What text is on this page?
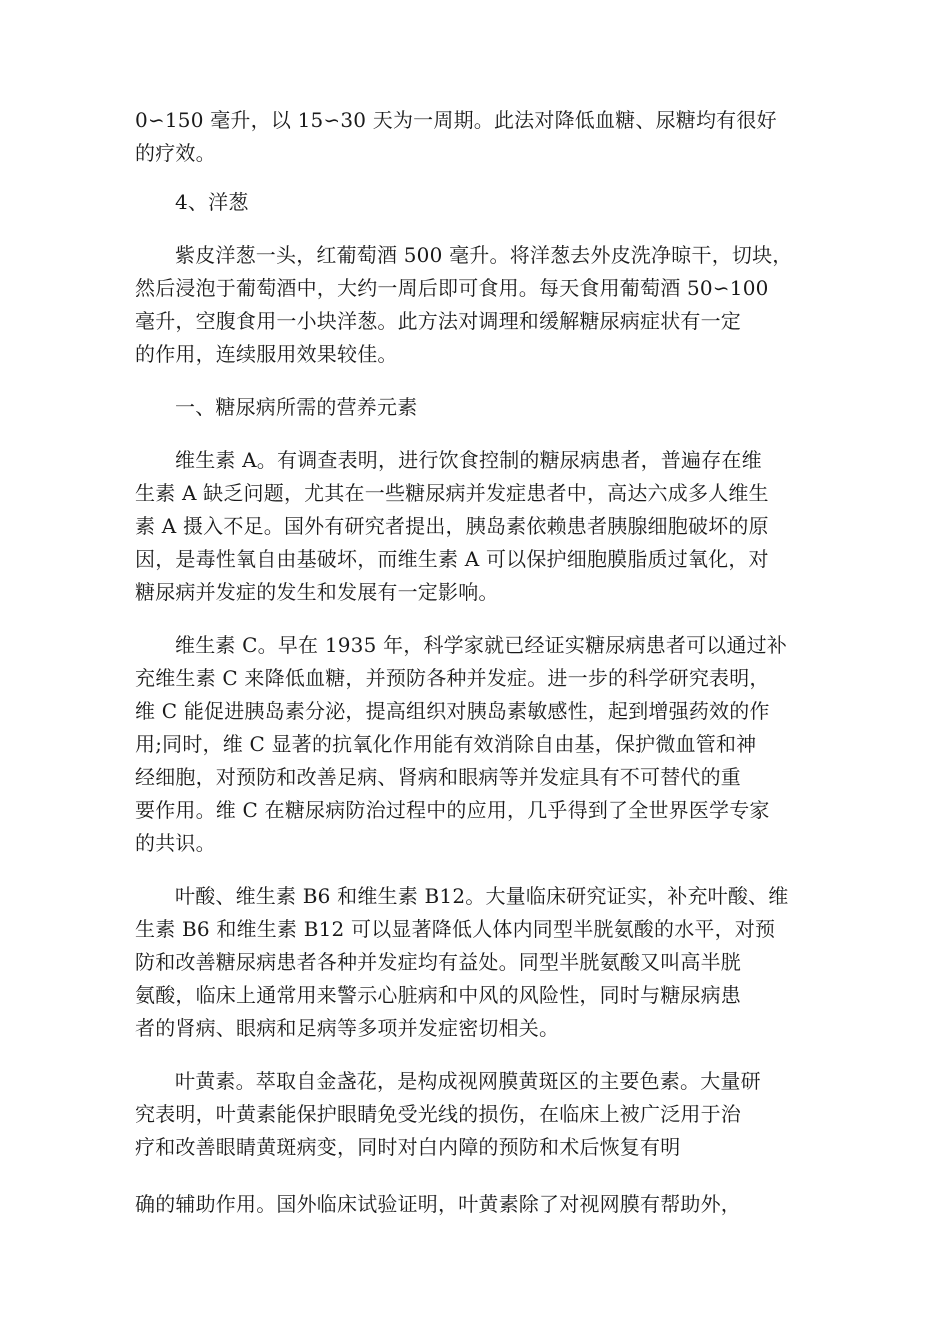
0∽150 毫升，以 15∽30 天为一周期。此法对降低血糖、尿糖均有很好
的疗效。
4、洋葱
紫皮洋葱一头，红葡萄酒 500 毫升。将洋葱去外皮洗净晾干，切块，
然后浸泡于葡萄酒中，大约一周后即可食用。每天食用葡萄酒 50∽100
毫升，空腹食用一小块洋葱。此方法对调理和缓解糖尿病症状有一定
的作用，连续服用效果较佳。
一、糖尿病所需的营养元素
维生素 A。有调查表明，进行饮食控制的糖尿病患者，普遍存在维
生素 A 缺乏问题，尤其在一些糖尿病并发症患者中，高达六成多人维生
素 A 摄入不足。国外有研究者提出，胰岛素依赖患者胰腺细胞破坏的原
因，是毒性氧自由基破坏，而维生素 A 可以保护细胞膜脂质过氧化，对
糖尿病并发症的发生和发展有一定影响。
维生素 C。早在 1935 年，科学家就已经证实糖尿病患者可以通过补
充维生素 C 来降低血糖，并预防各种并发症。进一步的科学研究表明，
维 C 能促进胰岛素分泌，提高组织对胰岛素敏感性，起到增强药效的作
用;同时，维 C 显著的抗氧化作用能有效消除自由基，保护微血管和神
经细胞，对预防和改善足病、肾病和眼病等并发症具有不可替代的重
要作用。维 C 在糖尿病防治过程中的应用，几乎得到了全世界医学专家
的共识。
叶酸、维生素 B6 和维生素 B12。大量临床研究证实，补充叶酸、维
生素 B6 和维生素 B12 可以显著降低人体内同型半胱氨酸的水平，对预
防和改善糖尿病患者各种并发症均有益处。同型半胱氨酸又叫高半胱
氨酸，临床上通常用来警示心脏病和中风的风险性，同时与糖尿病患
者的肾病、眼病和足病等多项并发症密切相关。
叶黄素。萃取自金盏花，是构成视网膜黄斑区的主要色素。大量研
究表明，叶黄素能保护眼睛免受光线的损伤，在临床上被广泛用于治
疗和改善眼睛黄斑病变，同时对白内障的预防和术后恢复有明
确的辅助作用。国外临床试验证明，叶黄素除了对视网膜有帮助外，
